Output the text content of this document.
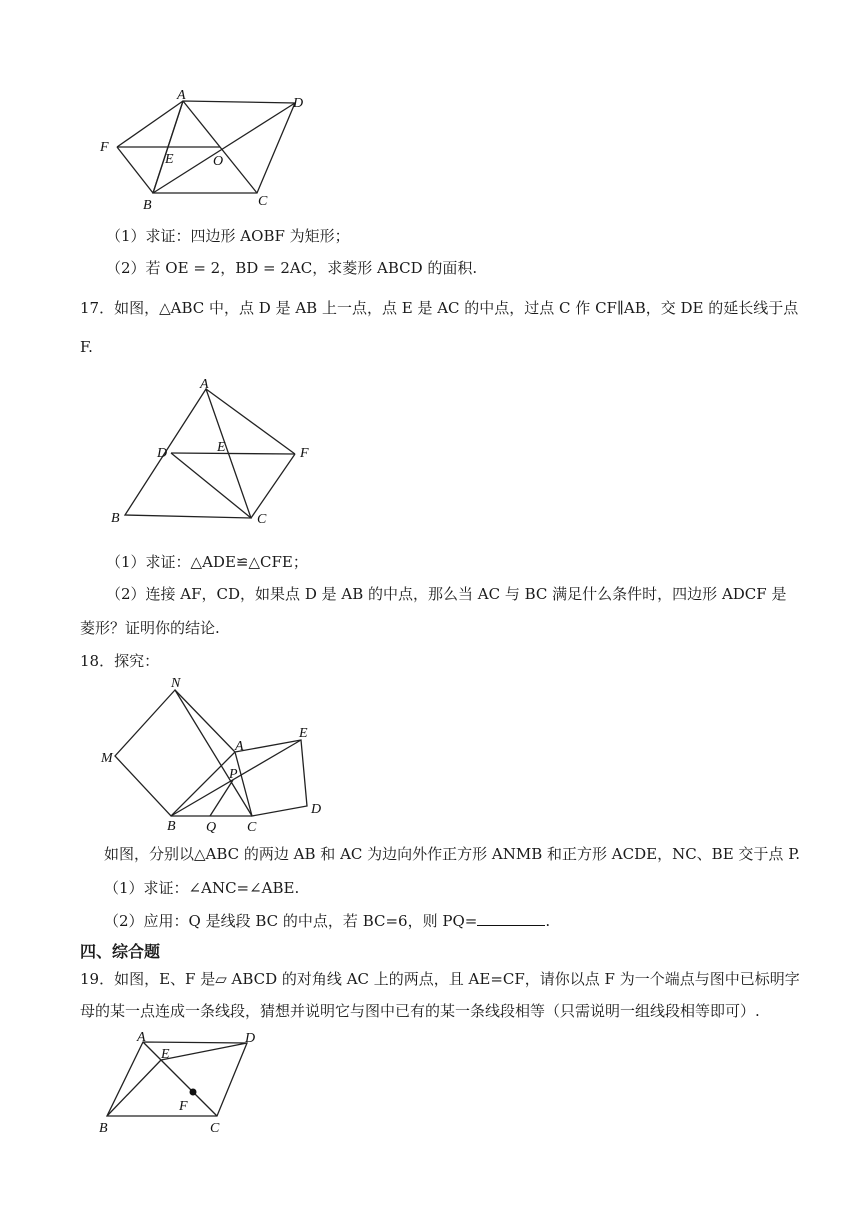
A
D
F
E	O
B	C
（1）求证：四边形 AOBF 为矩形；
（2）若 OE = 2，BD = 2AC，求菱形 ABCD 的面积.
17．如图，△ABC 中，点 D 是 AB 上一点，点 E 是 AC 的中点，过点 C 作 CF∥AB，交 DE 的延长线于点
F.
A
D	E	F
B	C
（1）求证：△ADE≌△CFE；
（2）连接 AF，CD，如果点 D 是 AB 的中点，那么当 AC 与 BC 满足什么条件时，四边形 ADCF 是
菱形？证明你的结论.
18．探究：
N
M
A
E
P
D
B Q C
如图，分别以△ABC 的两边 AB 和 AC 为边向外作正方形 ANMB 和正方形 ACDE，NC、BE 交于点 P.
（1）求证：∠ANC=∠ABE.
（2）应用：Q 是线段 BC 的中点，若 BC=6，则 PQ=	.
四、综合题
19．如图，E、F 是▱ ABCD 的对角线 AC 上的两点，且 AE=CF，请你以点 F 为一个端点与图中已标明字
母的某一点连成一条线段，猜想并说明它与图中已有的某一条线段相等（只需说明一组线段相等即可）.
A	D
E
F
B	C
